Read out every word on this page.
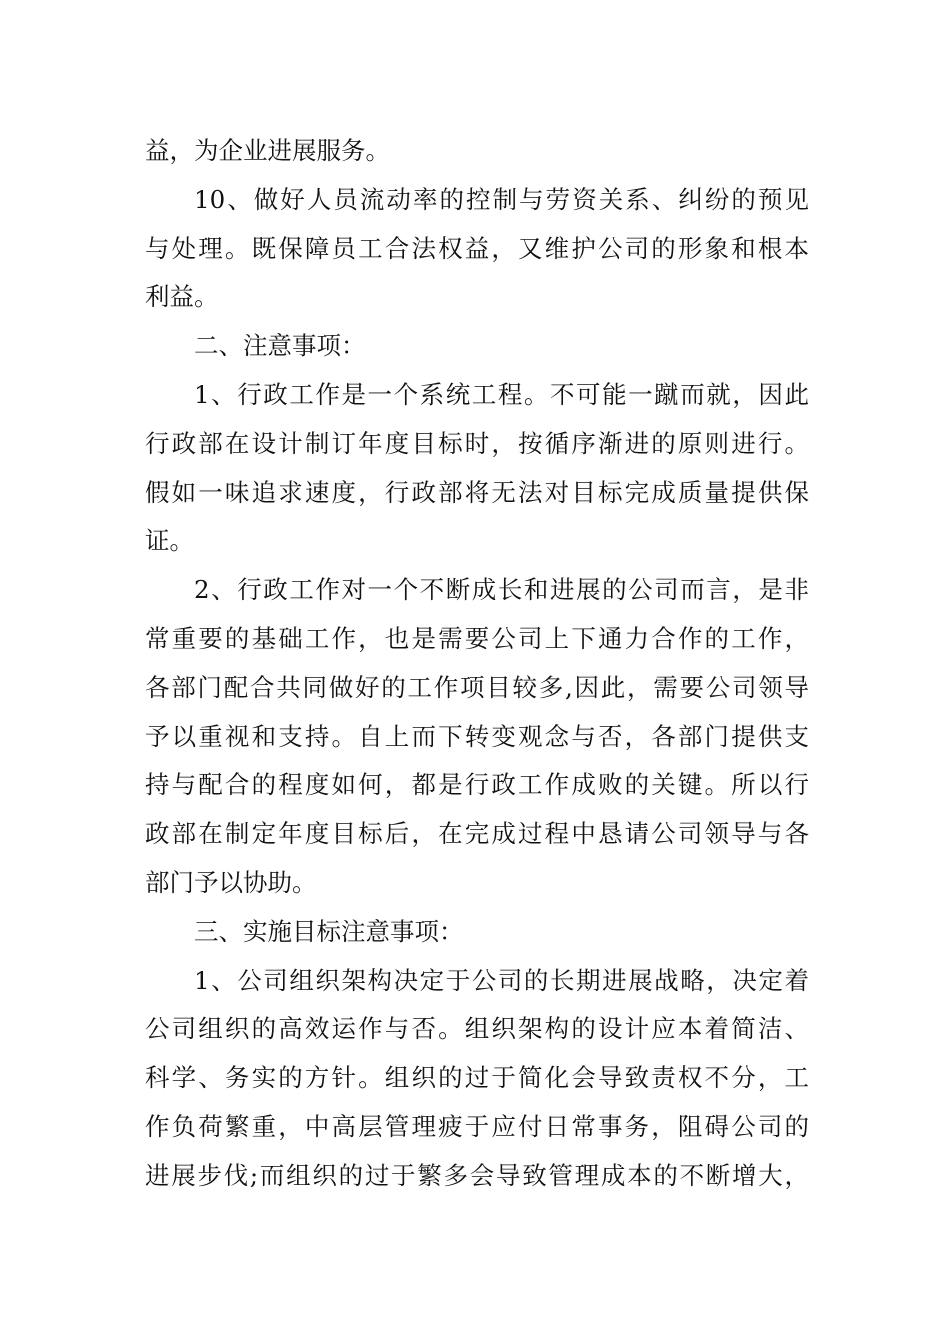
益，为企业进展服务。
10、做好人员流动率的控制与劳资关系、纠纷的预见
与处理。既保障员工合法权益，又维护公司的形象和根本
利益。
二、注意事项：
1、行政工作是一个系统工程。不可能一蹴而就，因此
行政部在设计制订年度目标时，按循序渐进的原则进行。
假如一味追求速度，行政部将无法对目标完成质量提供保
证。
2、行政工作对一个不断成长和进展的公司而言，是非
常重要的基础工作，也是需要公司上下通力合作的工作，
各部门配合共同做好的工作项目较多,因此，需要公司领导
予以重视和支持。自上而下转变观念与否，各部门提供支
持与配合的程度如何，都是行政工作成败的关键。所以行
政部在制定年度目标后，在完成过程中恳请公司领导与各
部门予以协助。
三、实施目标注意事项：
1、公司组织架构决定于公司的长期进展战略，决定着
公司组织的高效运作与否。组织架构的设计应本着简洁、
科学、务实的方针。组织的过于简化会导致责权不分，工
作负荷繁重，中高层管理疲于应付日常事务，阻碍公司的
进展步伐;而组织的过于繁多会导致管理成本的不断增大，
